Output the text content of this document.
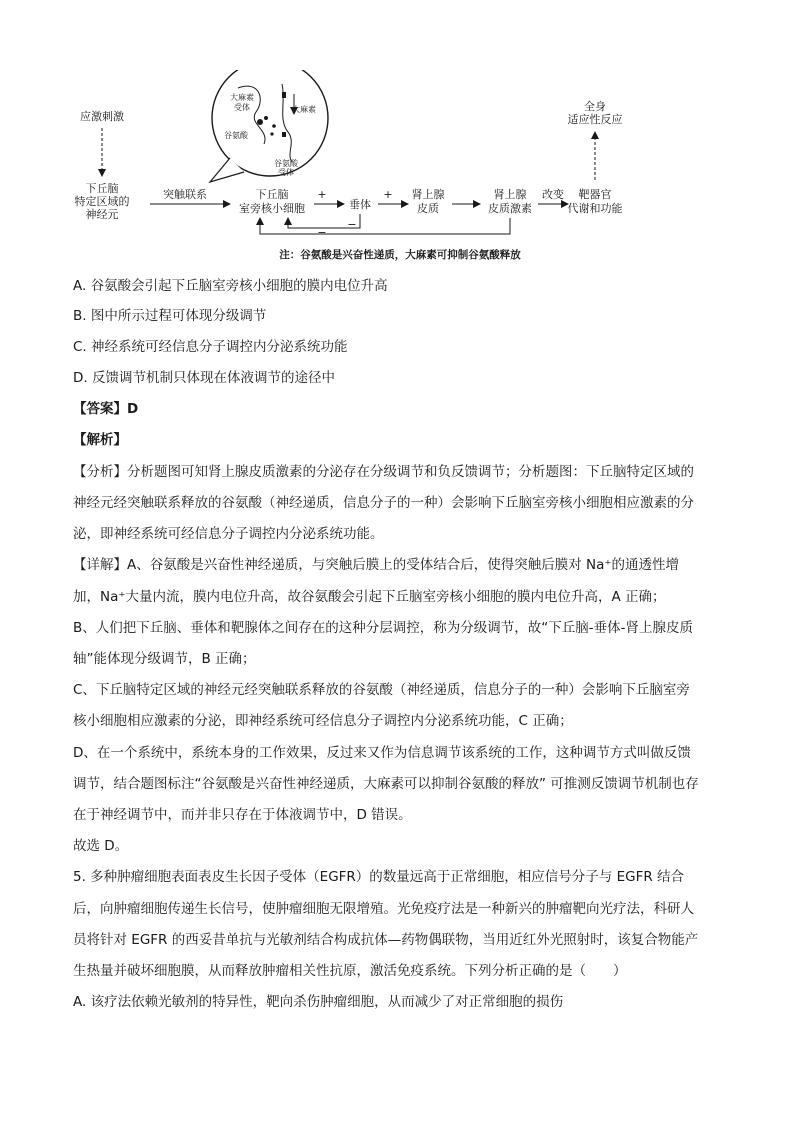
应激刺激
下丘脑
特定区域的
神经元
突触联系	下丘脑
室旁核小细胞
+
垂体
+ 肾上腺
皮质
肾上腺
皮质激素
改变 靶器官
代谢和功能
全身
适应性反应
−
−
大麻素
受体	大麻素
谷氨酸
谷氨酸
受体
注：谷氨酸是兴奋性递质，大麻素可抑制谷氨酸释放
A. 谷氨酸会引起下丘脑室旁核小细胞的膜内电位升高
B. 图中所示过程可体现分级调节
C. 神经系统可经信息分子调控内分泌系统功能
D. 反馈调节机制只体现在体液调节的途径中
【答案】D
【解析】
【分析】分析题图可知肾上腺皮质激素的分泌存在分级调节和负反馈调节；分析题图：下丘脑特定区域的
神经元经突触联系释放的谷氨酸（神经递质，信息分子的一种）会影响下丘脑室旁核小细胞相应激素的分
泌，即神经系统可经信息分子调控内分泌系统功能。
【详解】A、谷氨酸是兴奋性神经递质，与突触后膜上的受体结合后，使得突触后膜对 Na⁺的通透性增
加，Na⁺大量内流，膜内电位升高，故谷氨酸会引起下丘脑室旁核小细胞的膜内电位升高，A 正确；
B、人们把下丘脑、垂体和靶腺体之间存在的这种分层调控，称为分级调节，故“下丘脑-垂体-肾上腺皮质
轴”能体现分级调节，B 正确；
C、下丘脑特定区域的神经元经突触联系释放的谷氨酸（神经递质，信息分子的一种）会影响下丘脑室旁
核小细胞相应激素的分泌，即神经系统可经信息分子调控内分泌系统功能，C 正确；
D、在一个系统中，系统本身的工作效果，反过来又作为信息调节该系统的工作，这种调节方式叫做反馈
调节，结合题图标注“谷氨酸是兴奋性神经递质，大麻素可以抑制谷氨酸的释放” 可推测反馈调节机制也存
在于神经调节中，而并非只存在于体液调节中，D 错误。
故选 D。
5. 多种肿瘤细胞表面表皮生长因子受体（EGFR）的数量远高于正常细胞，相应信号分子与 EGFR 结合
后，向肿瘤细胞传递生长信号，使肿瘤细胞无限增殖。光免疫疗法是一种新兴的肿瘤靶向光疗法，科研人
员将针对 EGFR 的西妥昔单抗与光敏剂结合构成抗体—药物偶联物，当用近红外光照射时，该复合物能产
生热量并破坏细胞膜，从而释放肿瘤相关性抗原，激活免疫系统。下列分析正确的是（　　）
A. 该疗法依赖光敏剂的特异性，靶向杀伤肿瘤细胞，从而减少了对正常细胞的损伤
